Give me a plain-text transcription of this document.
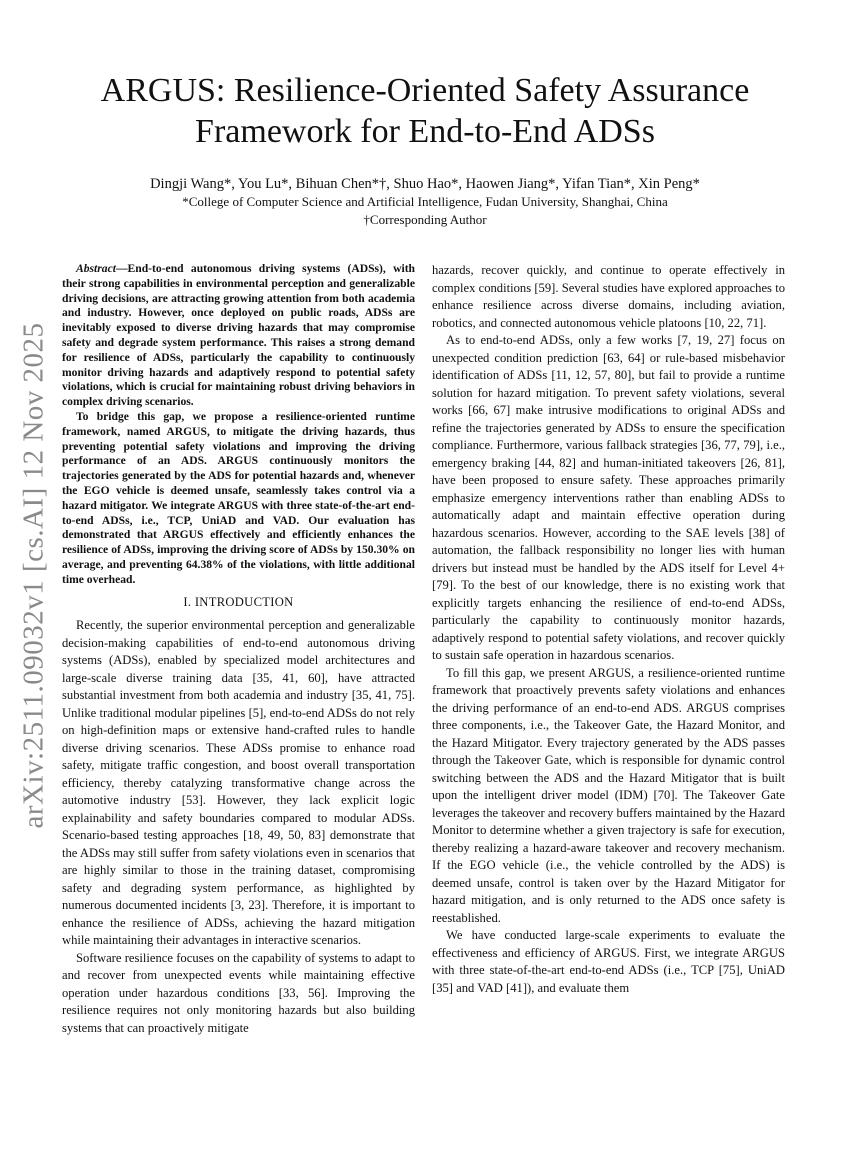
arXiv:2511.09032v1 [cs.AI] 12 Nov 2025
ARGUS: Resilience-Oriented Safety Assurance
Framework for End-to-End ADSs
Dingji Wang*, You Lu*, Bihuan Chen*†, Shuo Hao*, Haowen Jiang*, Yifan Tian*, Xin Peng*
*College of Computer Science and Artificial Intelligence, Fudan University, Shanghai, China
†Corresponding Author

Abstract—End-to-end autonomous driving systems (ADSs), with their strong capabilities in environmental perception and generalizable driving decisions, are attracting growing attention from both academia and industry. However, once deployed on public roads, ADSs are inevitably exposed to diverse driving hazards that may compromise safety and degrade system performance. This raises a strong demand for resilience of ADSs, particularly the capability to continuously monitor driving hazards and adaptively respond to potential safety violations, which is crucial for maintaining robust driving behaviors in complex driving scenarios.

To bridge this gap, we propose a resilience-oriented runtime framework, named ARGUS, to mitigate the driving hazards, thus preventing potential safety violations and improving the driving performance of an ADS. ARGUS continuously monitors the trajectories generated by the ADS for potential hazards and, whenever the EGO vehicle is deemed unsafe, seamlessly takes control via a hazard mitigator. We integrate ARGUS with three state-of-the-art end-to-end ADSs, i.e., TCP, UniAD and VAD. Our evaluation has demonstrated that ARGUS effectively and efficiently enhances the resilience of ADSs, improving the driving score of ADSs by 150.30% on average, and preventing 64.38% of the violations, with little additional time overhead.

I. INTRODUCTION

Recently, the superior environmental perception and generalizable decision-making capabilities of end-to-end autonomous driving systems (ADSs), enabled by specialized model architectures and large-scale diverse training data [35, 41, 60], have attracted substantial investment from both academia and industry [35, 41, 75]. Unlike traditional modular pipelines [5], end-to-end ADSs do not rely on high-definition maps or extensive hand-crafted rules to handle diverse driving scenarios. These ADSs promise to enhance road safety, mitigate traffic congestion, and boost overall transportation efficiency, thereby catalyzing transformative change across the automotive industry [53]. However, they lack explicit logic explainability and safety boundaries compared to modular ADSs. Scenario-based testing approaches [18, 49, 50, 83] demonstrate that the ADSs may still suffer from safety violations even in scenarios that are highly similar to those in the training dataset, compromising safety and degrading system performance, as highlighted by numerous documented incidents [3, 23]. Therefore, it is important to enhance the resilience of ADSs, achieving the hazard mitigation while maintaining their advantages in interactive scenarios.

Software resilience focuses on the capability of systems to adapt to and recover from unexpected events while maintaining effective operation under hazardous conditions [33, 56]. Improving the resilience requires not only monitoring hazards but also building systems that can proactively mitigate

hazards, recover quickly, and continue to operate effectively in complex conditions [59]. Several studies have explored approaches to enhance resilience across diverse domains, including aviation, robotics, and connected autonomous vehicle platoons [10, 22, 71].

As to end-to-end ADSs, only a few works [7, 19, 27] focus on unexpected condition prediction [63, 64] or rule-based misbehavior identification of ADSs [11, 12, 57, 80], but fail to provide a runtime solution for hazard mitigation. To prevent safety violations, several works [66, 67] make intrusive modifications to original ADSs and refine the trajectories generated by ADSs to ensure the specification compliance. Furthermore, various fallback strategies [36, 77, 79], i.e., emergency braking [44, 82] and human-initiated takeovers [26, 81], have been proposed to ensure safety. These approaches primarily emphasize emergency interventions rather than enabling ADSs to automatically adapt and maintain effective operation during hazardous scenarios. However, according to the SAE levels [38] of automation, the fallback responsibility no longer lies with human drivers but instead must be handled by the ADS itself for Level 4+ [79]. To the best of our knowledge, there is no existing work that explicitly targets enhancing the resilience of end-to-end ADSs, particularly the capability to continuously monitor hazards, adaptively respond to potential safety violations, and recover quickly to sustain safe operation in hazardous scenarios.

To fill this gap, we present ARGUS, a resilience-oriented runtime framework that proactively prevents safety violations and enhances the driving performance of an end-to-end ADS. ARGUS comprises three components, i.e., the Takeover Gate, the Hazard Monitor, and the Hazard Mitigator. Every trajectory generated by the ADS passes through the Takeover Gate, which is responsible for dynamic control switching between the ADS and the Hazard Mitigator that is built upon the intelligent driver model (IDM) [70]. The Takeover Gate leverages the takeover and recovery buffers maintained by the Hazard Monitor to determine whether a given trajectory is safe for execution, thereby realizing a hazard-aware takeover and recovery mechanism. If the EGO vehicle (i.e., the vehicle controlled by the ADS) is deemed unsafe, control is taken over by the Hazard Mitigator for hazard mitigation, and is only returned to the ADS once safety is reestablished.

We have conducted large-scale experiments to evaluate the effectiveness and efficiency of ARGUS. First, we integrate ARGUS with three state-of-the-art end-to-end ADSs (i.e., TCP [75], UniAD [35] and VAD [41]), and evaluate them
